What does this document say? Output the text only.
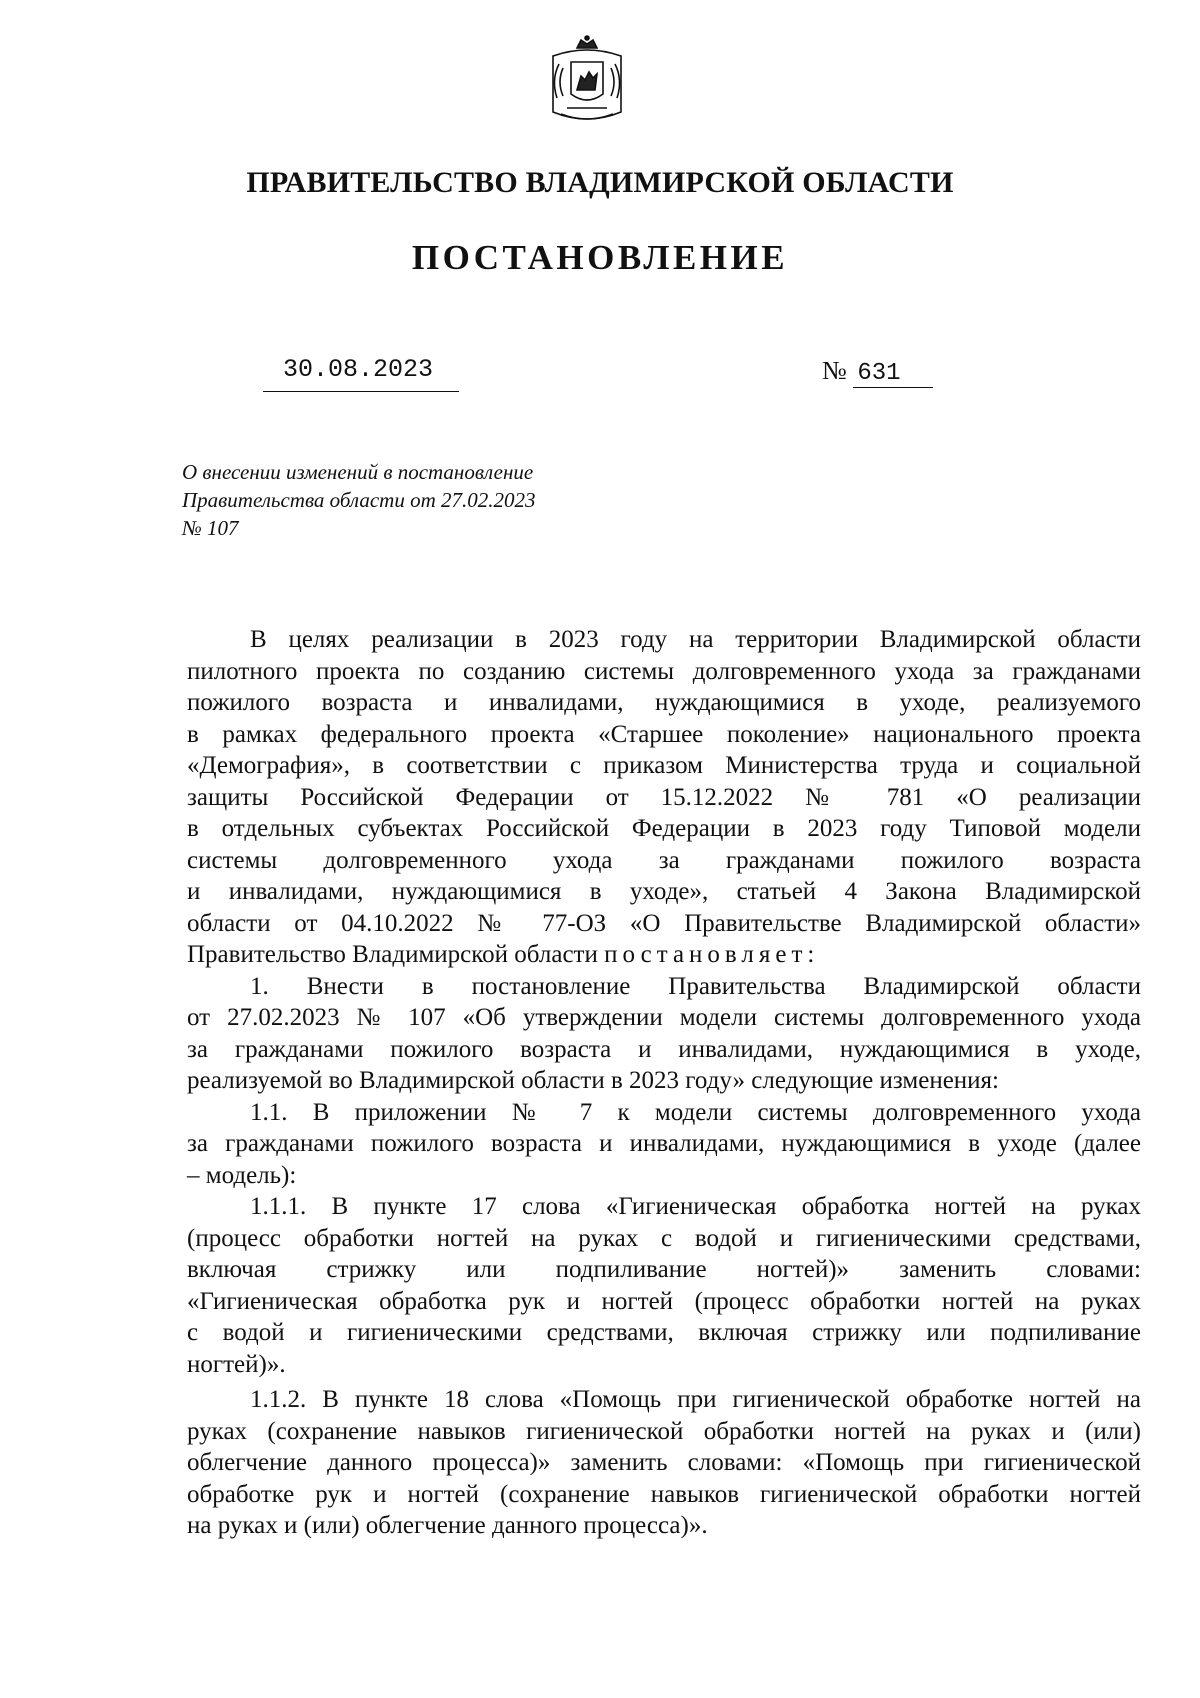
ПРАВИТЕЛЬСТВО ВЛАДИМИРСКОЙ ОБЛАСТИ
ПОСТАНОВЛЕНИЕ
30.08.2023	№ 631
О внесении изменений в постановление
Правительства области от 27.02.2023
№ 107

В целях реализации в 2023 году на территории Владимирской области

пилотного проекта по созданию системы долговременного ухода за гражданами

пожилого возраста и инвалидами, нуждающимися в уходе, реализуемого

в рамках федерального проекта «Старшее поколение» национального проекта

«Демография», в соответствии с приказом Министерства труда и социальной

защиты Российской Федерации от 15.12.2022 № 781 «О реализации

в отдельных субъектах Российской Федерации в 2023 году Типовой модели

системы долговременного ухода за гражданами пожилого возраста

и инвалидами, нуждающимися в уходе», статьей 4 Закона Владимирской

области от 04.10.2022 № 77-ОЗ «О Правительстве Владимирской области»

Правительство Владимирской области постановляет:

1. Внести в постановление Правительства Владимирской области

от 27.02.2023 № 107 «Об утверждении модели системы долговременного ухода

за гражданами пожилого возраста и инвалидами, нуждающимися в уходе,

реализуемой во Владимирской области в 2023 году» следующие изменения:

1.1. В приложении № 7 к модели системы долговременного ухода

за гражданами пожилого возраста и инвалидами, нуждающимися в уходе (далее

– модель):

1.1.1. В пункте 17 слова «Гигиеническая обработка ногтей на руках

(процесс обработки ногтей на руках с водой и гигиеническими средствами,

включая стрижку или подпиливание ногтей)» заменить словами:

«Гигиеническая обработка рук и ногтей (процесс обработки ногтей на руках

с водой и гигиеническими средствами, включая стрижку или подпиливание

ногтей)».

1.1.2. В пункте 18 слова «Помощь при гигиенической обработке ногтей на

руках (сохранение навыков гигиенической обработки ногтей на руках и (или)

облегчение данного процесса)» заменить словами: «Помощь при гигиенической

обработке рук и ногтей (сохранение навыков гигиенической обработки ногтей

на руках и (или) облегчение данного процесса)».
